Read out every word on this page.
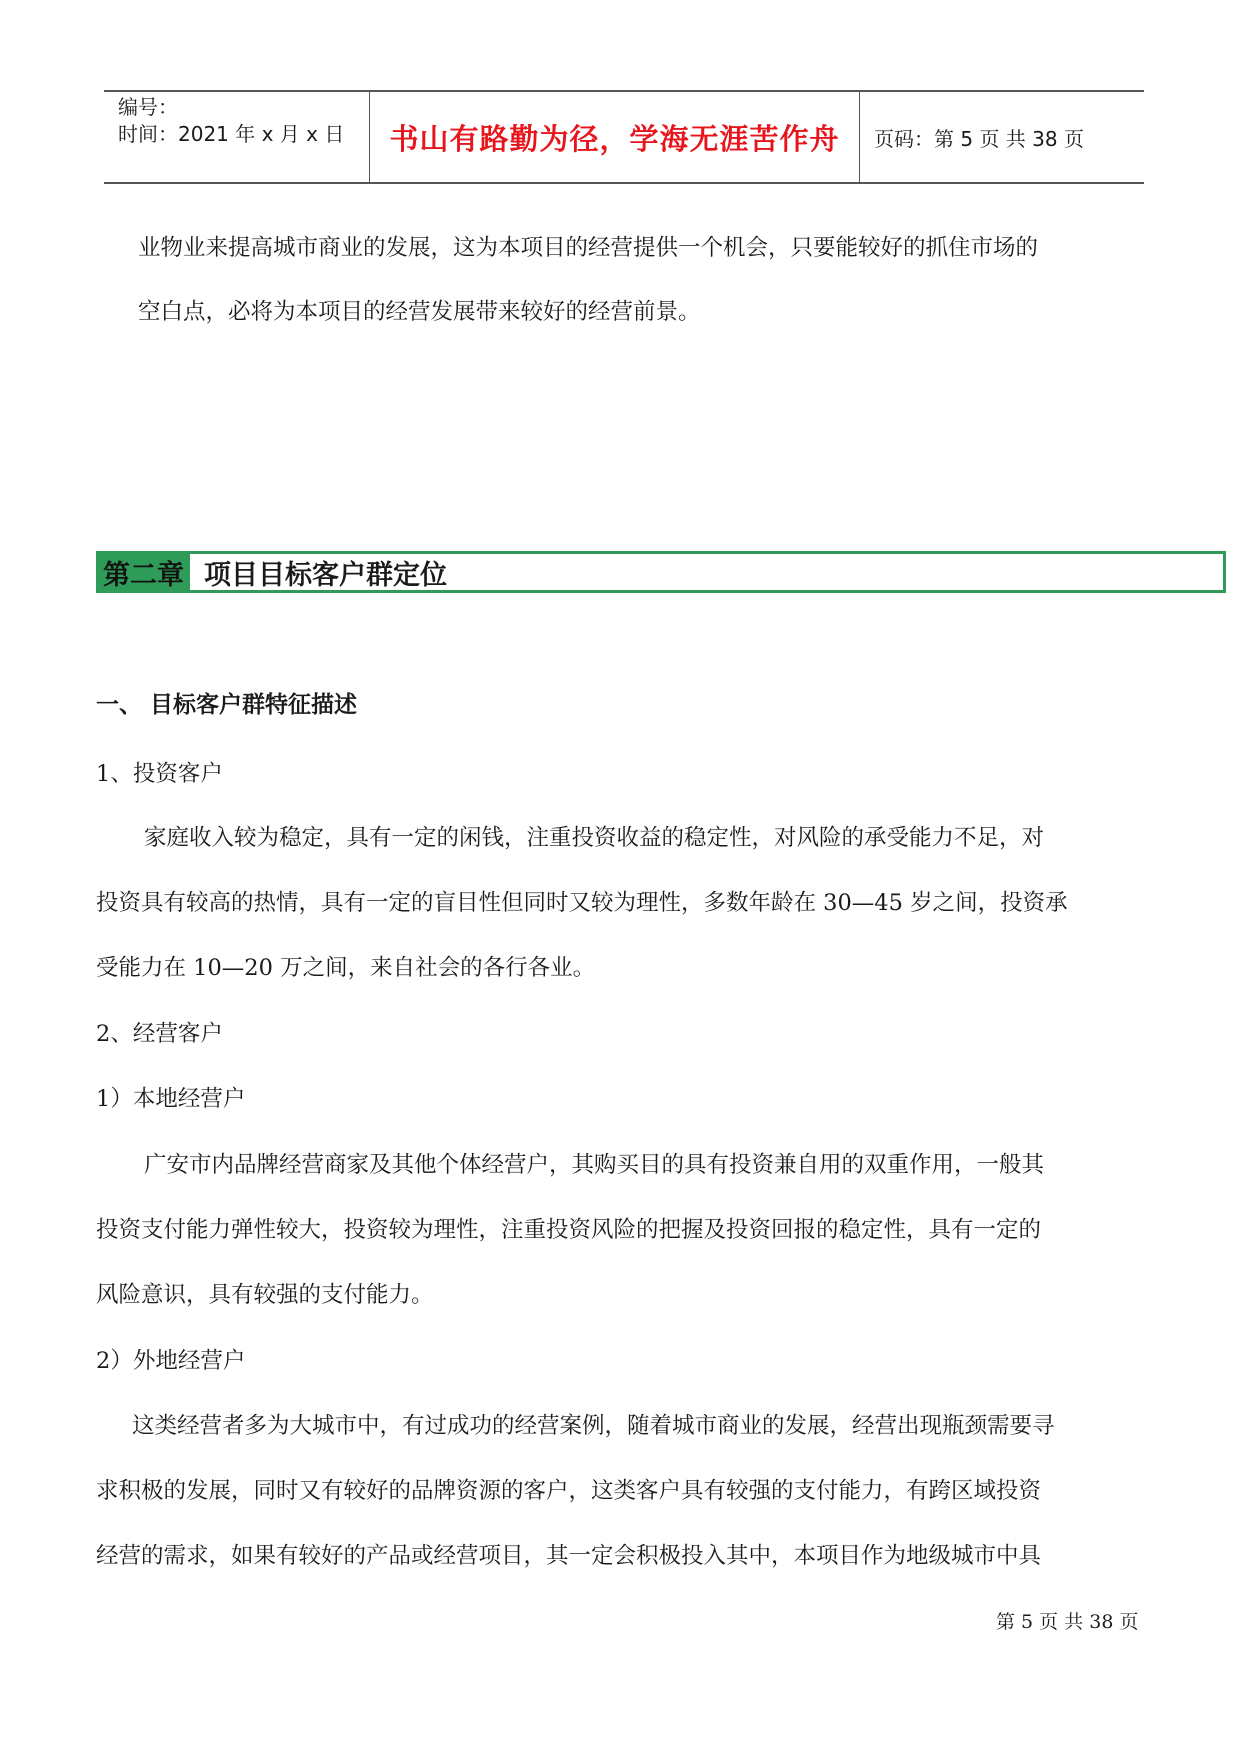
编号：
时间：2021 年 x 月 x 日	书山有路勤为径，学海无涯苦作舟	页码：第 5 页 共 38 页
业物业来提高城市商业的发展，这为本项目的经营提供一个机会，只要能较好的抓住市场的
空白点，必将为本项目的经营发展带来较好的经营前景。
第二章 项目目标客户群定位
一、 目标客户群特征描述
1、投资客户
家庭收入较为稳定，具有一定的闲钱，注重投资收益的稳定性，对风险的承受能力不足，对
投资具有较高的热情，具有一定的盲目性但同时又较为理性，多数年龄在 30—45 岁之间，投资承
受能力在 10—20 万之间，来自社会的各行各业。
2、经营客户
1）本地经营户
广安市内品牌经营商家及其他个体经营户，其购买目的具有投资兼自用的双重作用，一般其
投资支付能力弹性较大，投资较为理性，注重投资风险的把握及投资回报的稳定性，具有一定的
风险意识，具有较强的支付能力。
2）外地经营户
这类经营者多为大城市中，有过成功的经营案例，随着城市商业的发展，经营出现瓶颈需要寻
求积极的发展，同时又有较好的品牌资源的客户，这类客户具有较强的支付能力，有跨区域投资
经营的需求，如果有较好的产品或经营项目，其一定会积极投入其中，本项目作为地级城市中具
第 5 页 共 38 页
